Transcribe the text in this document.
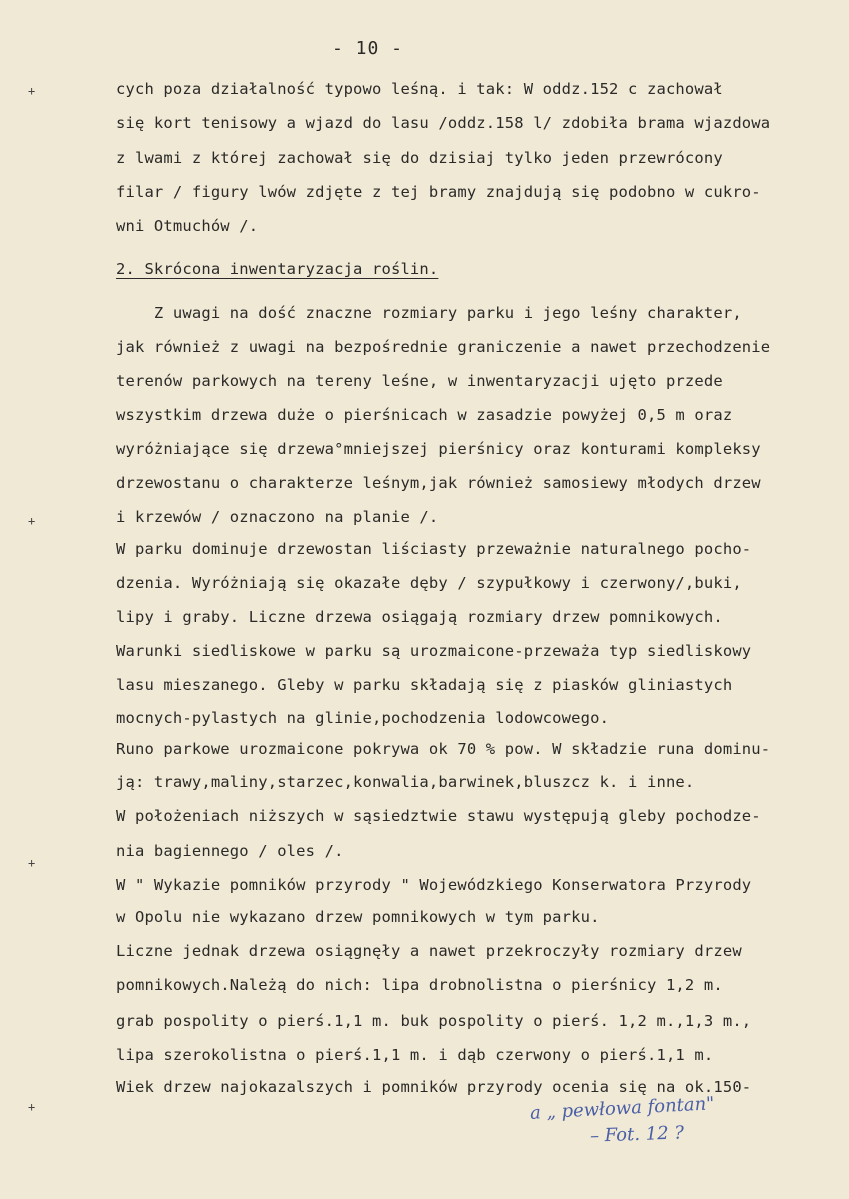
- 10 -
cych poza działalność typowo leśną. i tak: W oddz.152 c zachował
się kort tenisowy a wjazd do lasu /oddz.158 l/ zdobiła brama wjazdowa
z lwami z której zachował się do dzisiaj tylko jeden przewrócony
filar / figury lwów zdjęte z tej bramy znajdują się podobno w cukro-
wni Otmuchów /.
2. Skrócona inwentaryzacja roślin.
Z uwagi na dość znaczne rozmiary parku i jego leśny charakter,
jak również z uwagi na bezpośrednie graniczenie a nawet przechodzenie
terenów parkowych na tereny leśne, w inwentaryzacji ujęto przede
wszystkim drzewa duże o pierśnicach w zasadzie powyżej 0,5 m oraz
wyróżniające się drzewa°mniejszej pierśnicy oraz konturami kompleksy
drzewostanu o charakterze leśnym,jak również samosiewy młodych drzew
i krzewów / oznaczono na planie /.
W parku dominuje drzewostan liściasty przeważnie naturalnego pocho-
dzenia. Wyróżniają się okazałe dęby / szypułkowy i czerwony/,buki,
lipy i graby. Liczne drzewa osiągają rozmiary drzew pomnikowych.
Warunki siedliskowe w parku są urozmaicone-przeważa typ siedliskowy
lasu mieszanego. Gleby w parku składają się z piasków gliniastych
mocnych-pylastych na glinie,pochodzenia lodowcowego.
Runo parkowe urozmaicone pokrywa ok 70 % pow. W składzie runa dominu-
ją: trawy,maliny,starzec,konwalia,barwinek,bluszcz k. i inne.
W położeniach niższych w sąsiedztwie stawu występują gleby pochodze-
nia bagiennego / oles /.
W " Wykazie pomników przyrody " Wojewódzkiego Konserwatora Przyrody
w Opolu nie wykazano drzew pomnikowych w tym parku.
Liczne jednak drzewa osiągnęły a nawet przekroczyły rozmiary drzew
pomnikowych.Należą do nich: lipa drobnolistna o pierśnicy 1,2 m.
grab pospolity o pierś.1,1 m. buk pospolity o pierś. 1,2 m.,1,3 m.,
lipa szerokolistna o pierś.1,1 m. i dąb czerwony o pierś.1,1 m.
Wiek drzew najokazalszych i pomników przyrody ocenia się na ok.150-
a „ pewłowa fontan"
– Fot. 12 ?
+
+
+
+
